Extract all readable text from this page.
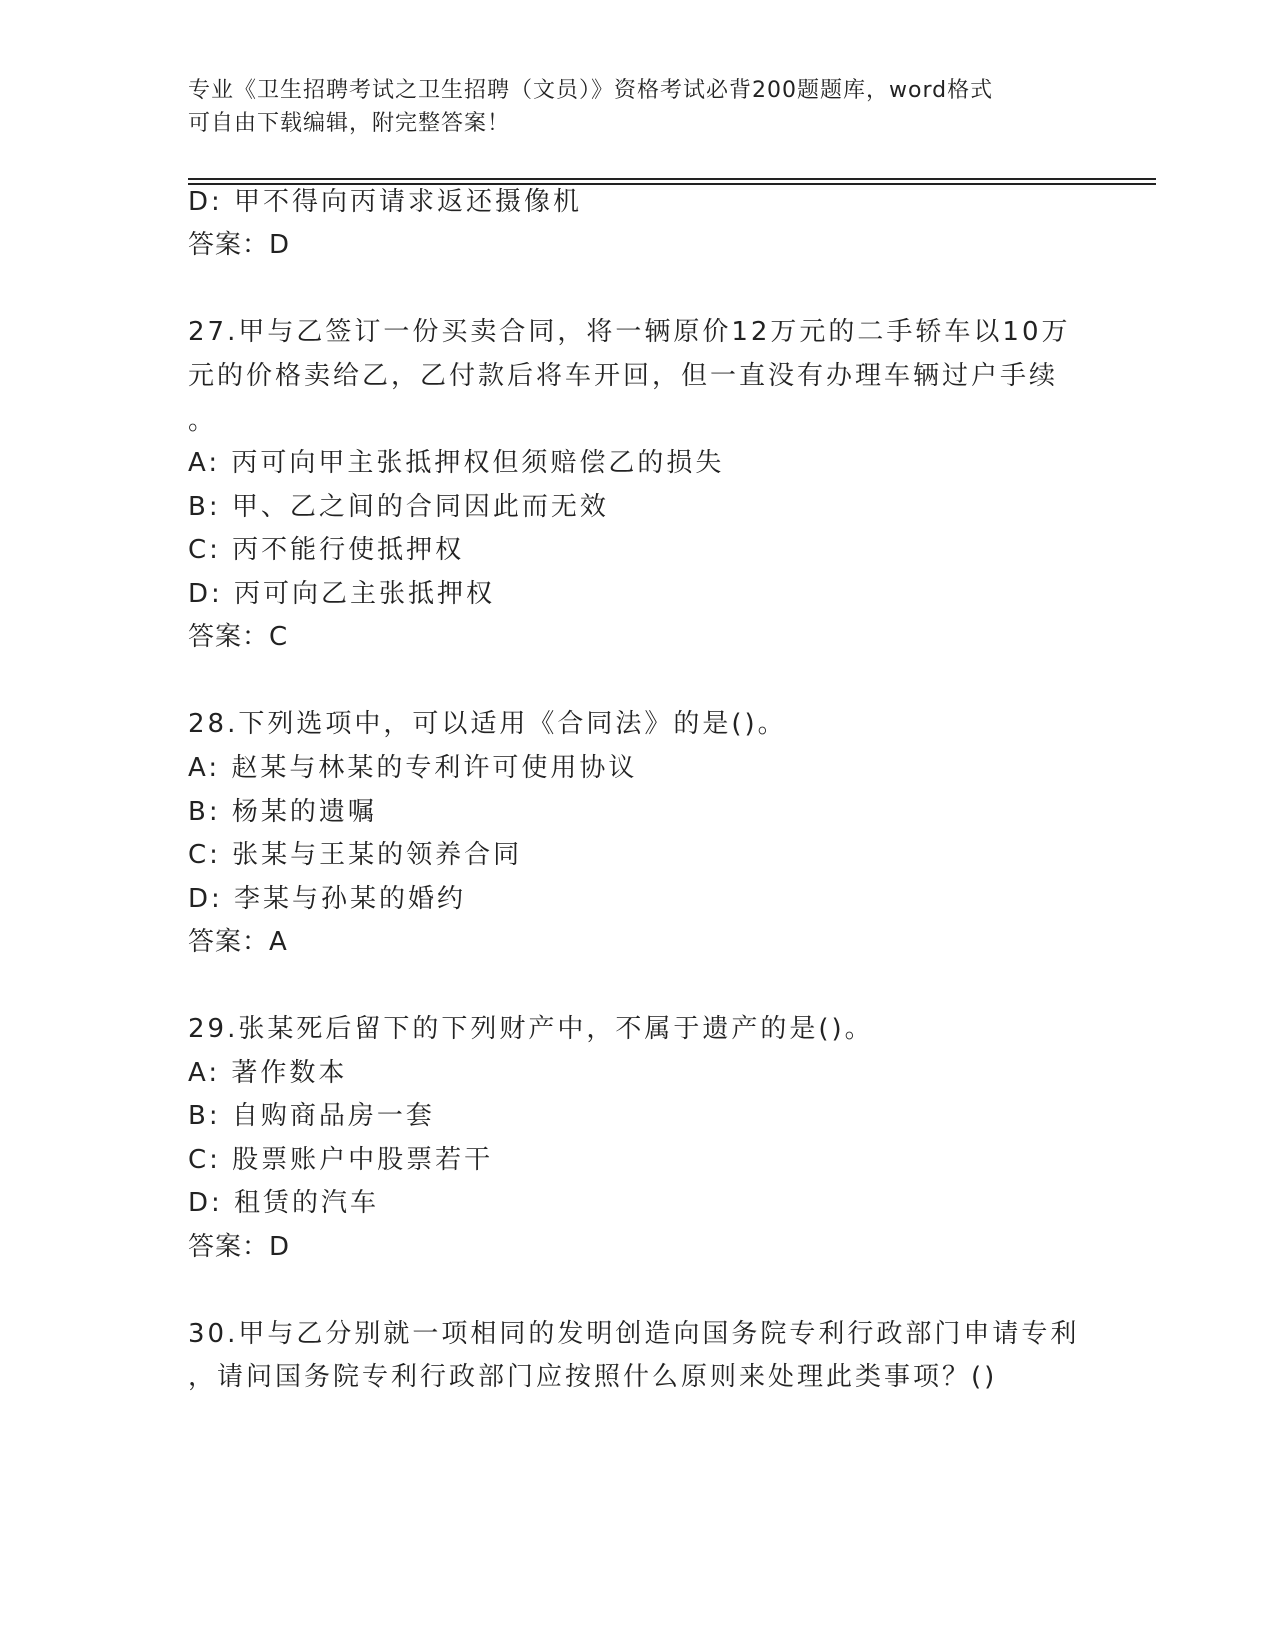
专业《卫生招聘考试之卫生招聘（文员）》资格考试必背200题题库，word格式
可自由下载编辑，附完整答案！
D: 甲不得向丙请求返还摄像机
答案：D
27.甲与乙签订一份买卖合同，将一辆原价12万元的二手轿车以10万
元的价格卖给乙，乙付款后将车开回，但一直没有办理车辆过户手续
。
A: 丙可向甲主张抵押权但须赔偿乙的损失
B: 甲、乙之间的合同因此而无效
C: 丙不能行使抵押权
D: 丙可向乙主张抵押权
答案：C
28.下列选项中，可以适用《合同法》的是()。
A: 赵某与林某的专利许可使用协议
B: 杨某的遗嘱
C: 张某与王某的领养合同
D: 李某与孙某的婚约
答案：A
29.张某死后留下的下列财产中，不属于遗产的是()。
A: 著作数本
B: 自购商品房一套
C: 股票账户中股票若干
D: 租赁的汽车
答案：D
30.甲与乙分别就一项相同的发明创造向国务院专利行政部门申请专利
，请问国务院专利行政部门应按照什么原则来处理此类事项？()
